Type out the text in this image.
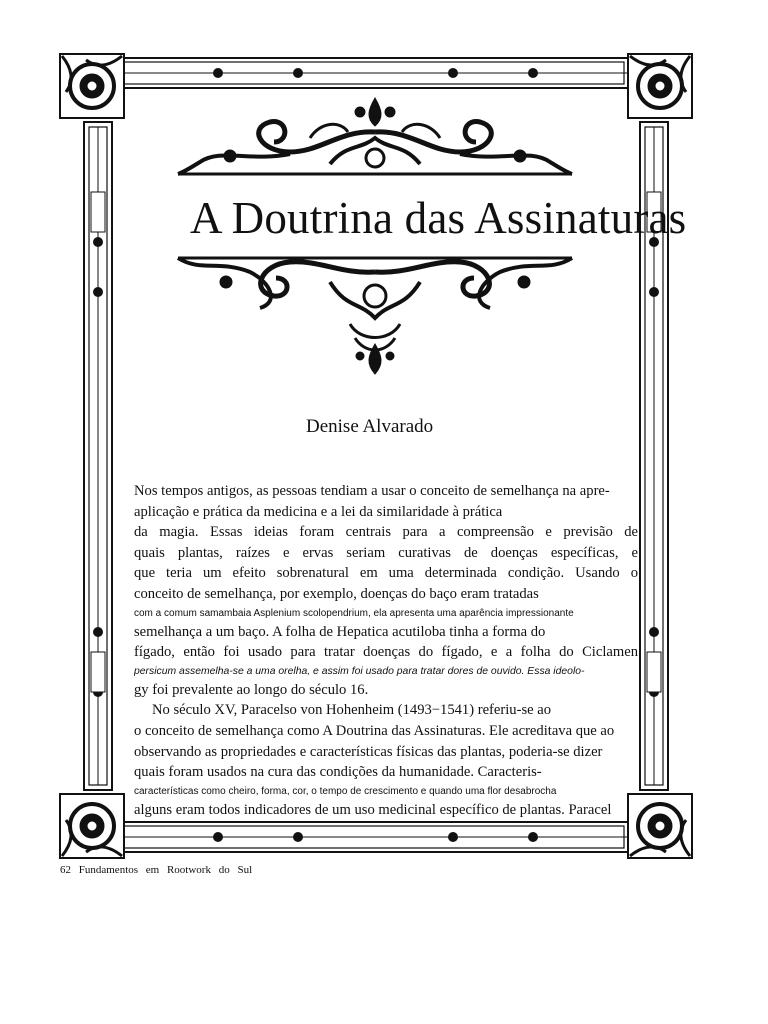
A Doutrina das Assinaturas
Denise Alvarado
Nos tempos antigos, as pessoas tendiam a usar o conceito de semelhança na apre-
aplicação e prática da medicina e a lei da similaridade à prática
da magia. Essas ideias foram centrais para a compreensão e previsão de
quais plantas, raízes e ervas seriam curativas de doenças específicas, e
que teria um efeito sobrenatural em uma determinada condição. Usando o
conceito de semelhança, por exemplo, doenças do baço eram tratadas
com a comum samambaia Asplenium scolopendrium, ela apresenta uma aparência impressionante
semelhança a um baço. A folha de Hepatica acutiloba tinha a forma do
fígado, então foi usado para tratar doenças do fígado, e a folha do Ciclamen
persicum assemelha-se a uma orelha, e assim foi usado para tratar dores de ouvido. Essa ideolo-
gy foi prevalente ao longo do século 16.
No século XV, Paracelso von Hohenheim (1493−1541) referiu-se ao
o conceito de semelhança como A Doutrina das Assinaturas. Ele acreditava que ao
observando as propriedades e características físicas das plantas, poderia-se dizer
quais foram usados na cura das condições da humanidade. Caracteris-
características como cheiro, forma, cor, o tempo de crescimento e quando uma flor desabrocha
alguns eram todos indicadores de um uso medicinal específico de plantas. Paracel
62 Fundamentos em Rootwork do Sul
